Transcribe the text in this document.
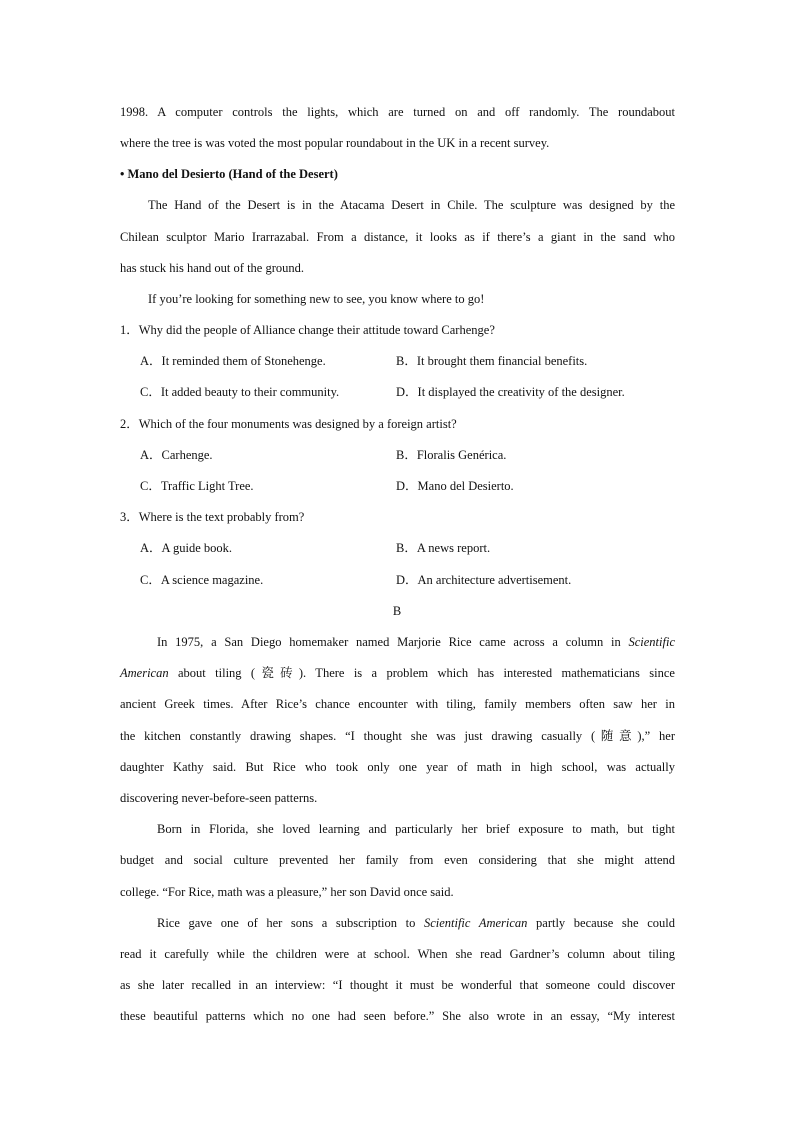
1998. A computer controls the lights, which are turned on and off randomly. The roundabout
where the tree is was voted the most popular roundabout in the UK in a recent survey.
• Mano del Desierto (Hand of the Desert)
The Hand of the Desert is in the Atacama Desert in Chile. The sculpture was designed by the
Chilean sculptor Mario Irarrazabal. From a distance, it looks as if there’s a giant in the sand who
has stuck his hand out of the ground.
If you’re looking for something new to see, you know where to go!
1．Why did the people of Alliance change their attitude toward Carhenge?
A．It reminded them of Stonehenge.	B．It brought them financial benefits.
C．It added beauty to their community.	D．It displayed the creativity of the designer.
2．Which of the four monuments was designed by a foreign artist?
A．Carhenge.	B．Floralis Genérica.
C．Traffic Light Tree.	D．Mano del Desierto.
3．Where is the text probably from?
A．A guide book.	B．A news report.
C．A science magazine.	D．An architecture advertisement.
B
In 1975, a San Diego homemaker named Marjorie Rice came across a column in Scientific
American about tiling (瓷砖). There is a problem which has interested mathematicians since
ancient Greek times. After Rice’s chance encounter with tiling, family members often saw her in
the kitchen constantly drawing shapes. “I thought she was just drawing casually (随意),” her
daughter Kathy said. But Rice who took only one year of math in high school, was actually
discovering never-before-seen patterns.
Born in Florida, she loved learning and particularly her brief exposure to math, but tight
budget and social culture prevented her family from even considering that she might attend
college. “For Rice, math was a pleasure,” her son David once said.
Rice gave one of her sons a subscription to Scientific American partly because she could
read it carefully while the children were at school. When she read Gardner’s column about tiling
as she later recalled in an interview: “I thought it must be wonderful that someone could discover
these beautiful patterns which no one had seen before.” She also wrote in an essay, “My interest
